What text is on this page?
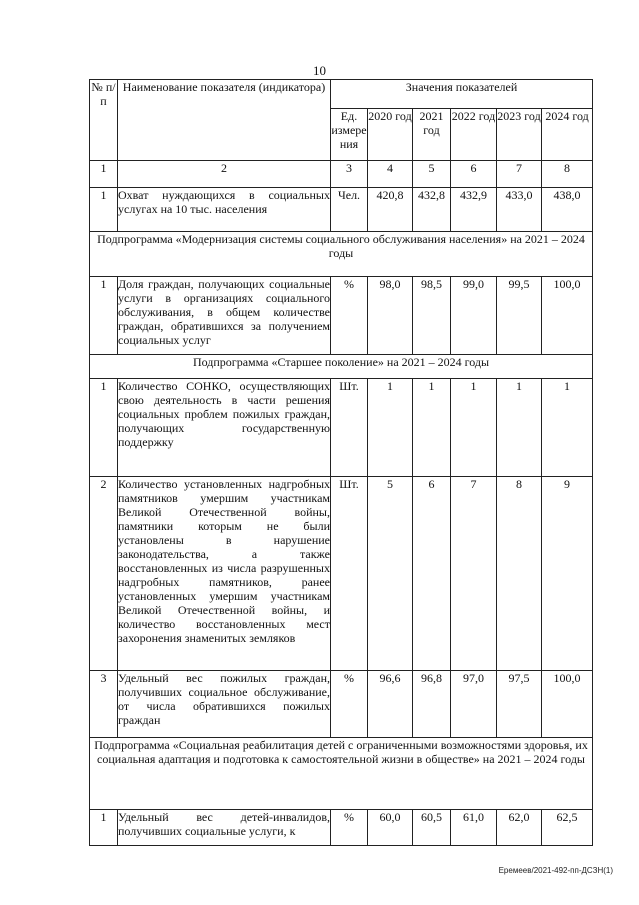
10
№ п/п	Наименование показателя (индикатора)	Значения показателей					
		Ед. измере ния	2020 год	2021 год	2022 год	2023 год	2024 год
1	2	3	4	5	6	7	8
1	Охват нуждающихся в социальных услугах на 10 тыс. населения	Чел.	420,8	432,8	432,9	433,0	438,0
Подпрограмма «Модернизация системы социального обслуживания населения» на 2021 – 2024 годы							
1	Доля граждан, получающих социальные услуги в организациях социального обслуживания, в общем количестве граждан, обратившихся за получением социальных услуг	%	98,0	98,5	99,0	99,5	100,0
Подпрограмма «Старшее поколение» на 2021 – 2024 годы							
1	Количество СОНКО, осуществляющих свою деятельность в части решения социальных проблем пожилых граждан, получающих государственную поддержку	Шт.	1	1	1	1	1
2	Количество установленных надгробных памятников умершим участникам Великой Отечественной войны, памятники которым не были установлены в нарушение законодательства, а также восстановленных из числа разрушенных надгробных памятников, ранее установленных умершим участникам Великой Отечественной войны, и количество восстановленных мест захоронения знаменитых земляков	Шт.	5	6	7	8	9
3	Удельный вес пожилых граждан, получивших социальное обслуживание, от числа обратившихся пожилых граждан	%	96,6	96,8	97,0	97,5	100,0
Подпрограмма «Социальная реабилитация детей с ограниченными возможностями здоровья, их социальная адаптация и подготовка к самостоятельной жизни в обществе» на 2021 – 2024 годы							
1	Удельный вес детей-инвалидов, получивших социальные услуги, к	%	60,0	60,5	61,0	62,0	62,5
Еремеев/2021-492-пп-ДСЗН(1)
